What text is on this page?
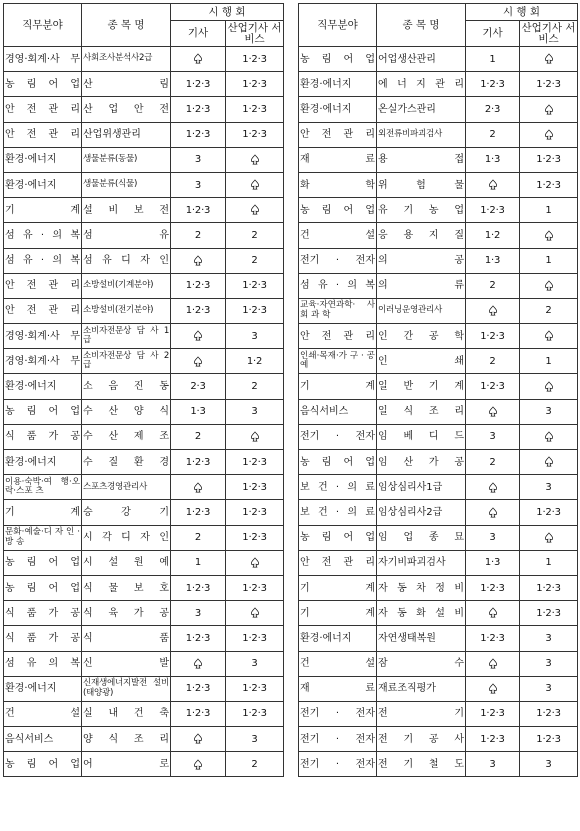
직무분야	종 목 명	시 행 회	
		기사	산업기사 서비스
경영·회계·사 무	사회조사분석사2급		1·2·3
농 림 어 업	산 림	1·2·3	1·2·3
안 전 관 리	산 업 안 전	1·2·3	1·2·3
안 전 관 리	산업위생관리	1·2·3	1·2·3
환경·에너지	생물분류(동물)	3	
환경·에너지	생물분류(식물)	3	
기 계	설 비 보 전	1·2·3	
섬 유 · 의 복	섬 유	2	2
섬 유 · 의 복	섬 유 디 자 인		2
안 전 관 리	소방설비(기계분야)	1·2·3	1·2·3
안 전 관 리	소방설비(전기분야)	1·2·3	1·2·3
경영·회계·사 무	소비자전문상 담 사 1 급		3
경영·회계·사 무	소비자전문상 담 사 2 급		1·2
환경·에너지	소 음 진 동	2·3	2
농 림 어 업	수 산 양 식	1·3	3
식 품 가 공	수 산 제 조	2	
환경·에너지	수 질 환 경	1·2·3	1·2·3
이용·숙박·여 행·오락·스포 츠	스포츠경영관리사		1·2·3
기 계	승 강 기	1·2·3	1·2·3
문화·예술·디 자 인 · 방 송	시 각 디 자 인	2	1·2·3
농 림 어 업	시 설 원 예	1	
농 림 어 업	식 물 보 호	1·2·3	1·2·3
식 품 가 공	식 육 가 공	3	
식 품 가 공	식 품	1·2·3	1·2·3
섬 유 의 복	신 발		3
환경·에너지	신재생에너지발전 설비(태양광)	1·2·3	1·2·3
건 설	실 내 건 축	1·2·3	1·2·3
음식서비스	양 식 조 리		3
농 림 어 업	어 로		2
직무분야	종 목 명	시 행 회	
		기사	산업기사 서비스
농 림 어 업	어업생산관리	1	
환경·에너지	에 너 지 관 리	1·2·3	1·2·3
환경·에너지	온실가스관리	2·3	
안 전 관 리	외전류비파괴검사	2	
재 료	용 접	1·3	1·2·3
화 학	위 험 물		1·2·3
농 림 어 업	유 기 농 업	1·2·3	1
건 설	응 용 지 질	1·2	
전기 · 전자	의 공	1·3	1
섬 유 · 의 복	의 류	2	
교육·자연과학· 사 회 과 학	이러닝운영관리사		2
안 전 관 리	인 간 공 학	1·2·3	
인쇄·목재·가 구 · 공 예	인 쇄	2	1
기 계	일 반 기 계	1·2·3	
음식서비스	일 식 조 리		3
전기 · 전자	임 베 디 드	3	
농 림 어 업	임 산 가 공	2	
보 건 · 의 료	임상심리사1급		3
보 건 · 의 료	임상심리사2급		1·2·3
농 림 어 업	임 업 종 묘	3	
안 전 관 리	자기비파괴검사	1·3	1
기 계	자 동 차 정 비	1·2·3	1·2·3
기 계	자 동 화 설 비		1·2·3
환경·에너지	자연생태복원	1·2·3	3
건 설	잠 수		3
재 료	재료조직평가		3
전기 · 전자	전 기	1·2·3	1·2·3
전기 · 전자	전 기 공 사	1·2·3	1·2·3
전기 · 전자	전 기 철 도	3	3
